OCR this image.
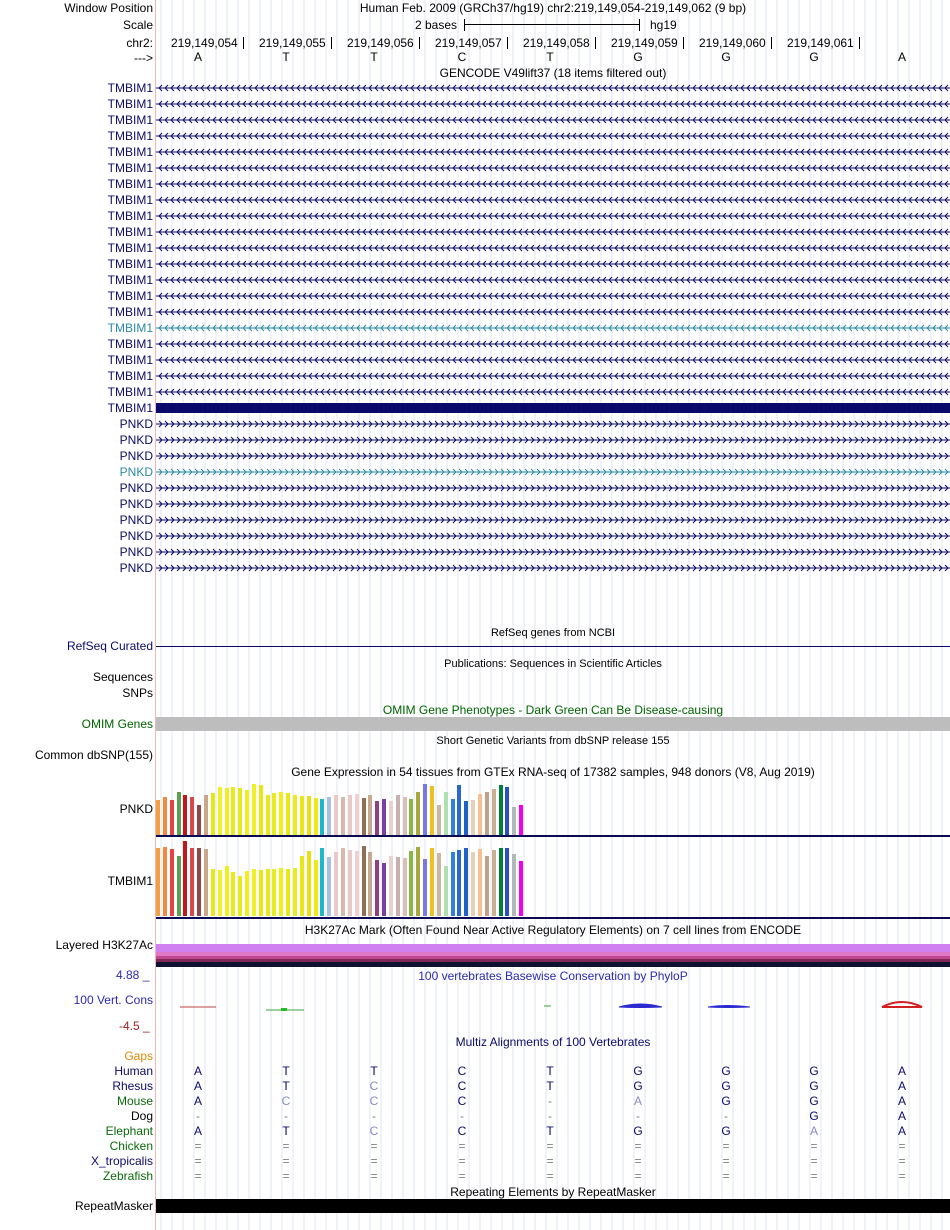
Window Position	Human Feb. 2009 (GRCh37/hg19) chr2:219,149,054-219,149,062 (9 bp)
Scale	2 bases	hg19
chr2: 219,149,054 219,149,055 219,149,056 219,149,057 219,149,058 219,149,059 219,149,060 219,149,061
--->	A	T	T	C	T	G	G	G	A
GENCODE V49lift37 (18 items filtered out)
TMBIM1
TMBIM1
TMBIM1
TMBIM1
TMBIM1
TMBIM1
TMBIM1
TMBIM1
TMBIM1
TMBIM1
TMBIM1
TMBIM1
TMBIM1
TMBIM1
TMBIM1
TMBIM1
TMBIM1
TMBIM1
TMBIM1
TMBIM1
TMBIM1
PNKD
PNKD
PNKD
PNKD
PNKD
PNKD
PNKD
PNKD
PNKD
PNKD
RefSeq genes from NCBI
RefSeq Curated
Publications: Sequences in Scientific Articles
Sequences
SNPs
OMIM Gene Phenotypes - Dark Green Can Be Disease-causing
OMIM Genes
Short Genetic Variants from dbSNP release 155
Common dbSNP(155)
Gene Expression in 54 tissues from GTEx RNA-seq of 17382 samples, 948 donors (V8, Aug 2019)
PNKD
TMBIM1
H3K27Ac Mark (Often Found Near Active Regulatory Elements) on 7 cell lines from ENCODE
Layered H3K27Ac
4.88 _	100 vertebrates Basewise Conservation by PhyloP
100 Vert. Cons
-4.5 _
Multiz Alignments of 100 Vertebrates
Gaps
Human	A	T	T	C	T	G	G	G	A
Rhesus	A	T	C	C	T	G	G	G	A
Mouse	A	C	C	C	-	A	G	G	A
Dog	-	-	-	-	-	-	-	G	A
Elephant	A	T	C	C	T	G	G	A	A
Chicken	=	=	=	=	=	=	=	=	=
X_tropicalis	=	=	=	=	=	=	=	=	=
Zebrafish	=	=	=	=	=	=	=	=	=
Repeating Elements by RepeatMasker
RepeatMasker
